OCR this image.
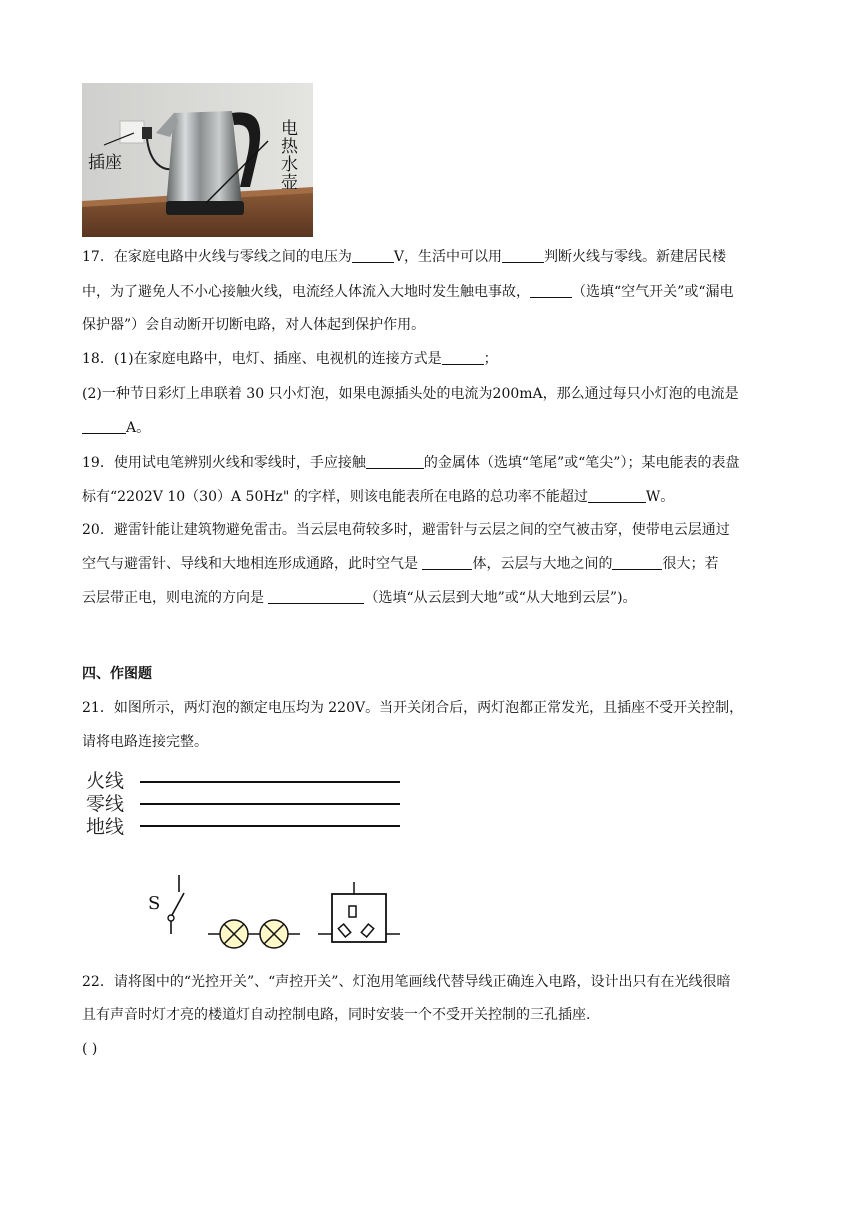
插座	电热水壶
17．在家庭电路中火线与零线之间的电压为	V，生活中可以用	判断火线与零线。新建居民楼
中，为了避免人不小心接触火线，电流经人体流入大地时发生触电事故，	（选填“空气开关”或“漏电
保护器”）会自动断开切断电路，对人体起到保护作用。
18．(1)在家庭电路中，电灯、插座、电视机的连接方式是	；
(2)一种节日彩灯上串联着 30 只小灯泡，如果电源插头处的电流为200mA，那么通过每只小灯泡的电流是
A。
19．使用试电笔辨别火线和零线时，手应接触	的金属体（选填“笔尾”或“笔尖”）；某电能表的表盘
标有“2202V 10（30）A 50Hz" 的字样，则该电能表所在电路的总功率不能超过	W。
20．避雷针能让建筑物避免雷击。当云层电荷较多时，避雷针与云层之间的空气被击穿，使带电云层通过
空气与避雷针、导线和大地相连形成通路，此时空气是	体，云层与大地之间的	很大；若
云层带正电，则电流的方向是	（选填“从云层到大地”或“从大地到云层”)。
四、作图题
21．如图所示，两灯泡的额定电压均为 220V。当开关闭合后，两灯泡都正常发光，且插座不受开关控制，
请将电路连接完整。
火线
零线
地线
S
22．请将图中的“光控开关”、“声控开关”、灯泡用笔画线代替导线正确连入电路，设计出只有在光线很暗
且有声音时灯才亮的楼道灯自动控制电路，同时安装一个不受开关控制的三孔插座.
( )
